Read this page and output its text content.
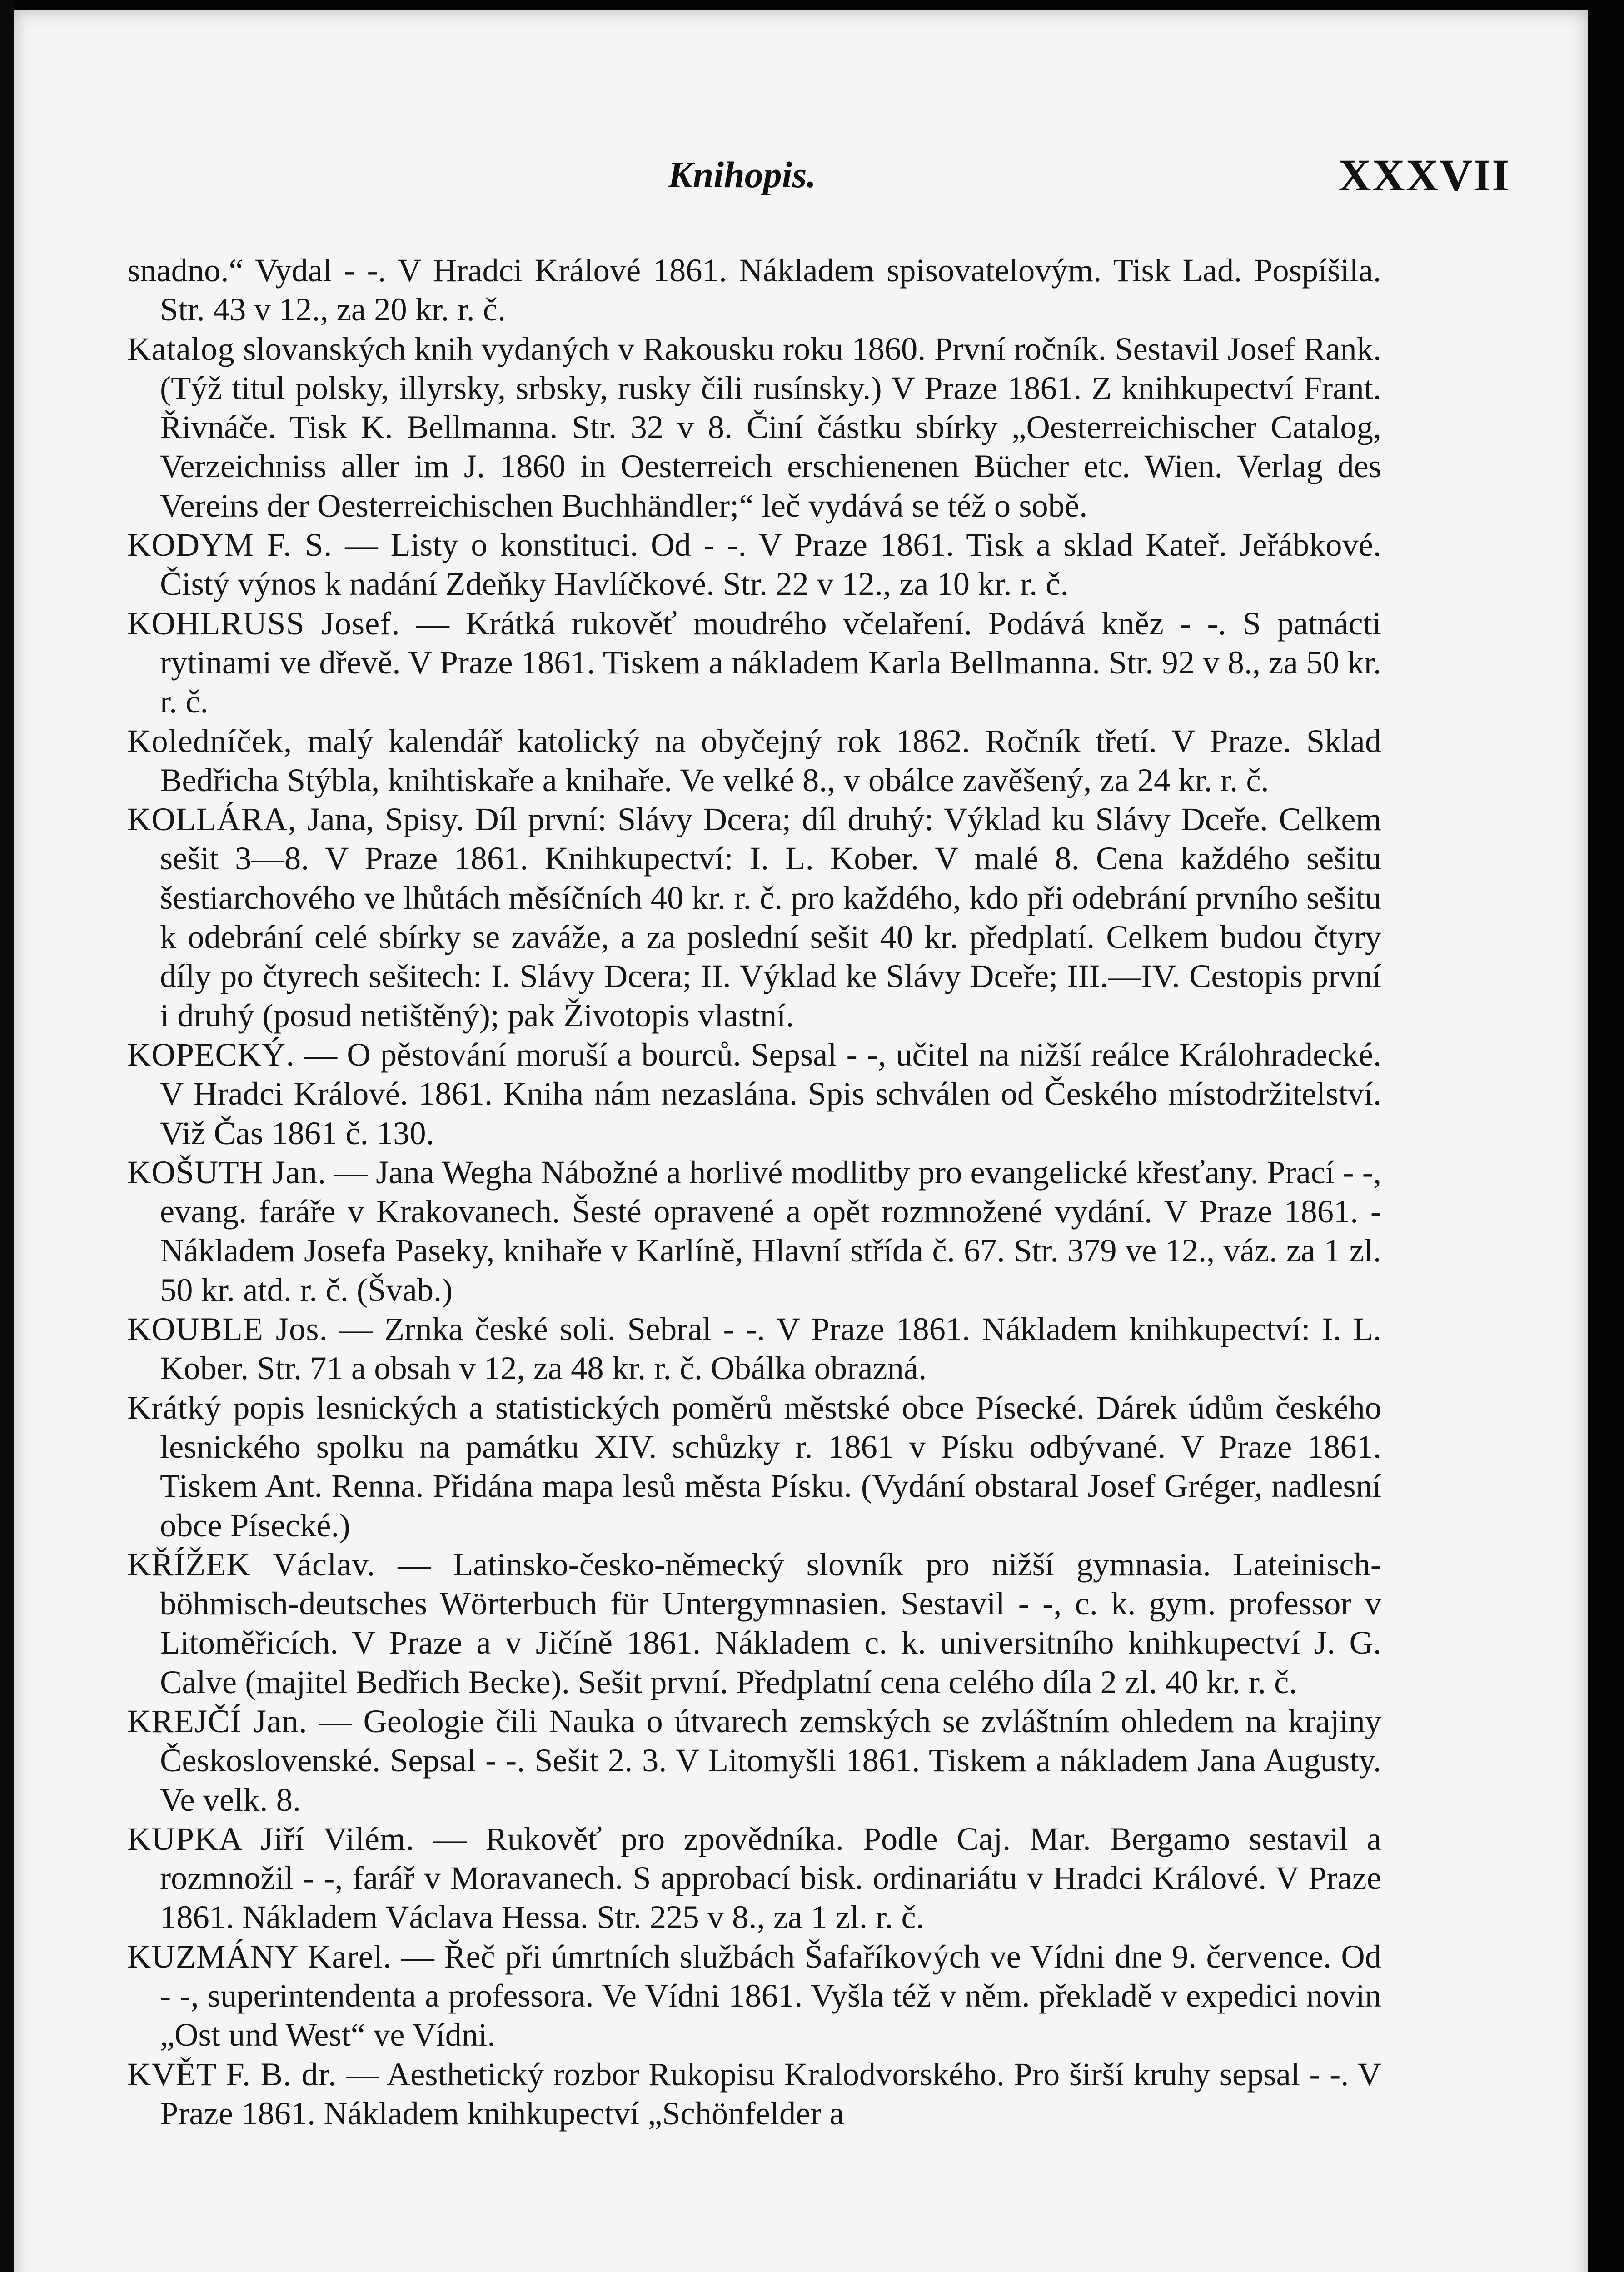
Knihopis.	XXXVII

snadno.“ Vydal - -. V Hradci Králové 1861. Nákladem spisovatelovým. Tisk Lad. Pospíšila. Str. 43 v 12., za 20 kr. r. č.

Katalog slovanských knih vydaných v Rakousku roku 1860. První ročník. Sestavil Josef Rank. (Týž titul polsky, illyrsky, srbsky, rusky čili rusínsky.) V Praze 1861. Z knihkupectví Frant. Řivnáče. Tisk K. Bellmanna. Str. 32 v 8. Činí částku sbírky „Oesterreichischer Catalog, Verzeichniss aller im J. 1860 in Oesterreich erschienenen Bücher etc. Wien. Verlag des Vereins der Oesterreichischen Buchhändler;“ leč vydává se též o sobě.

KODYM F. S. — Listy o konstituci. Od - -. V Praze 1861. Tisk a sklad Kateř. Jeřábkové. Čistý výnos k nadání Zdeňky Havlíčkové. Str. 22 v 12., za 10 kr. r. č.

KOHLRUSS Josef. — Krátká rukověť moudrého včelaření. Podává kněz - -. S patnácti rytinami ve dřevě. V Praze 1861. Tiskem a nákladem Karla Bellmanna. Str. 92 v 8., za 50 kr. r. č.

Koledníček, malý kalendář katolický na obyčejný rok 1862. Ročník třetí. V Praze. Sklad Bedřicha Stýbla, knihtiskaře a knihaře. Ve velké 8., v obálce zavěšený, za 24 kr. r. č.

KOLLÁRA, Jana, Spisy. Díl první: Slávy Dcera; díl druhý: Výklad ku Slávy Dceře. Celkem sešit 3—8. V Praze 1861. Knihkupectví: I. L. Kober. V malé 8. Cena každého sešitu šestiarchového ve lhůtách měsíčních 40 kr. r. č. pro každého, kdo při odebrání prvního sešitu k odebrání celé sbírky se zaváže, a za poslední sešit 40 kr. předplatí. Celkem budou čtyry díly po čtyrech sešitech: I. Slávy Dcera; II. Výklad ke Slávy Dceře; III.—IV. Cestopis první i druhý (posud netištěný); pak Životopis vlastní.

KOPECKÝ. — O pěstování moruší a bourců. Sepsal - -, učitel na nižší reálce Králohradecké. V Hradci Králové. 1861. Kniha nám nezaslána. Spis schválen od Českého místodržitelství. Viž Čas 1861 č. 130.

KOŠUTH Jan. — Jana Wegha Nábožné a horlivé modlitby pro evangelické křesťany. Prací - -, evang. faráře v Krakovanech. Šesté opravené a opět rozmnožené vydání. V Praze 1861. - Nákladem Josefa Paseky, knihaře v Karlíně, Hlavní střída č. 67. Str. 379 ve 12., váz. za 1 zl. 50 kr. atd. r. č. (Švab.)

KOUBLE Jos. — Zrnka české soli. Sebral - -. V Praze 1861. Nákladem knihkupectví: I. L. Kober. Str. 71 a obsah v 12, za 48 kr. r. č. Obálka obrazná.

Krátký popis lesnických a statistických poměrů městské obce Písecké. Dárek údům českého lesnického spolku na památku XIV. schůzky r. 1861 v Písku odbývané. V Praze 1861. Tiskem Ant. Renna. Přidána mapa lesů města Písku. (Vydání obstaral Josef Gréger, nadlesní obce Písecké.)

KŘÍŽEK Václav. — Latinsko-česko-německý slovník pro nižší gymnasia. Lateinisch-böhmisch-deutsches Wörterbuch für Untergymnasien. Sestavil - -, c. k. gym. professor v Litoměřicích. V Praze a v Jičíně 1861. Nákladem c. k. universitního knihkupectví J. G. Calve (majitel Bedřich Becke). Sešit první. Předplatní cena celého díla 2 zl. 40 kr. r. č.

KREJČÍ Jan. — Geologie čili Nauka o útvarech zemských se zvláštním ohledem na krajiny Československé. Sepsal - -. Sešit 2. 3. V Litomyšli 1861. Tiskem a nákladem Jana Augusty. Ve velk. 8.

KUPKA Jiří Vilém. — Rukověť pro zpovědníka. Podle Caj. Mar. Bergamo sestavil a rozmnožil - -, farář v Moravanech. S approbací bisk. ordinariátu v Hradci Králové. V Praze 1861. Nákladem Václava Hessa. Str. 225 v 8., za 1 zl. r. č.

KUZMÁNY Karel. — Řeč při úmrtních službách Šafaříkových ve Vídni dne 9. července. Od - -, superintendenta a professora. Ve Vídni 1861. Vyšla též v něm. překladě v expedici novin „Ost und West“ ve Vídni.

KVĚT F. B. dr. — Aesthetický rozbor Rukopisu Kralodvorského. Pro širší kruhy sepsal - -. V Praze 1861. Nákladem knihkupectví „Schönfelder a
